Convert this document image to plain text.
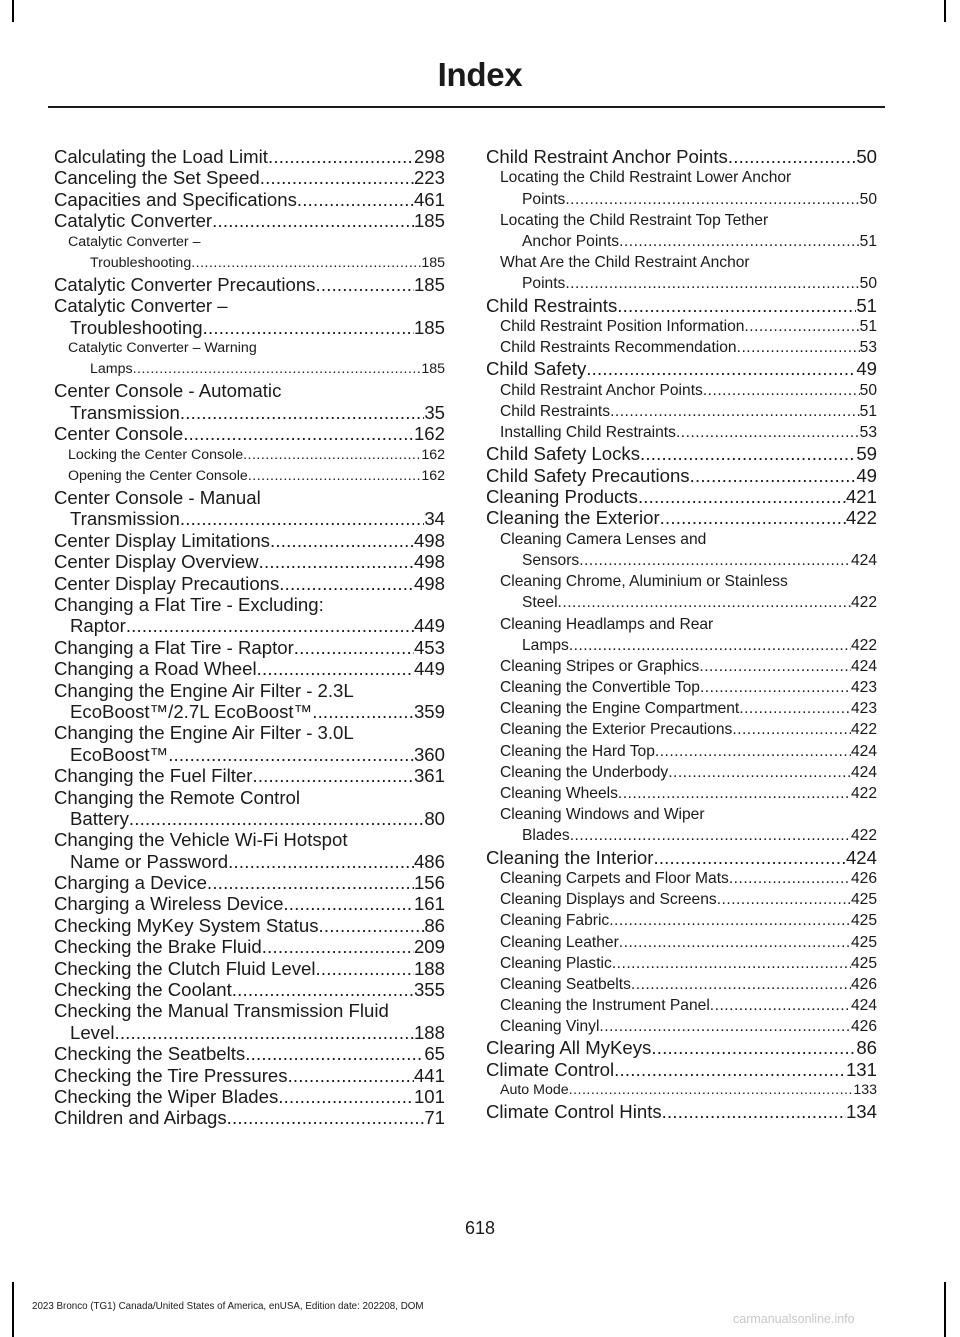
Index
Calculating the Load Limit .....	298
Canceling the Set Speed .....	223
Capacities and Specifications .....	461
Catalytic Converter .....	185
Catalytic Converter –
Troubleshooting .....	185
Catalytic Converter Precautions .....	185
Catalytic Converter –
Troubleshooting .....	185
Catalytic Converter – Warning
Lamps .....	185
Center Console - Automatic
Transmission .....	35
Center Console .....	162
Locking the Center Console .....	162
Opening the Center Console .....	162
Center Console - Manual
Transmission .....	34
Center Display Limitations .....	498
Center Display Overview .....	498
Center Display Precautions .....	498
Changing a Flat Tire - Excluding:
Raptor .....	449
Changing a Flat Tire - Raptor .....	453
Changing a Road Wheel .....	449
Changing the Engine Air Filter - 2.3L
EcoBoost™/2.7L EcoBoost™ .....	359
Changing the Engine Air Filter - 3.0L
EcoBoost™ .....	360
Changing the Fuel Filter .....	361
Changing the Remote Control
Battery .....	80
Changing the Vehicle Wi-Fi Hotspot
Name or Password .....	486
Charging a Device .....	156
Charging a Wireless Device .....	161
Checking MyKey System Status .....	86
Checking the Brake Fluid .....	209
Checking the Clutch Fluid Level .....	188
Checking the Coolant .....	355
Checking the Manual Transmission Fluid
Level .....	188
Checking the Seatbelts .....	65
Checking the Tire Pressures .....	441
Checking the Wiper Blades .....	101
Children and Airbags .....	71
Child Restraint Anchor Points .....	50
Locating the Child Restraint Lower Anchor
Points .....	50
Locating the Child Restraint Top Tether
Anchor Points .....	51
What Are the Child Restraint Anchor
Points .....	50
Child Restraints .....	51
Child Restraint Position Information .....	51
Child Restraints Recommendation .....	53
Child Safety .....	49
Child Restraint Anchor Points .....	50
Child Restraints .....	51
Installing Child Restraints .....	53
Child Safety Locks .....	59
Child Safety Precautions .....	49
Cleaning Products .....	421
Cleaning the Exterior .....	422
Cleaning Camera Lenses and
Sensors .....	424
Cleaning Chrome, Aluminium or Stainless
Steel .....	422
Cleaning Headlamps and Rear
Lamps .....	422
Cleaning Stripes or Graphics .....	424
Cleaning the Convertible Top .....	423
Cleaning the Engine Compartment .....	423
Cleaning the Exterior Precautions .....	422
Cleaning the Hard Top .....	424
Cleaning the Underbody .....	424
Cleaning Wheels .....	422
Cleaning Windows and Wiper
Blades .....	422
Cleaning the Interior .....	424
Cleaning Carpets and Floor Mats .....	426
Cleaning Displays and Screens .....	425
Cleaning Fabric .....	425
Cleaning Leather .....	425
Cleaning Plastic .....	425
Cleaning Seatbelts .....	426
Cleaning the Instrument Panel .....	424
Cleaning Vinyl .....	426
Clearing All MyKeys .....	86
Climate Control .....	131
Auto Mode .....	133
Climate Control Hints .....	134
618
2023 Bronco (TG1) Canada/United States of America, enUSA, Edition date: 202208, DOM
carmanualsonline.info
